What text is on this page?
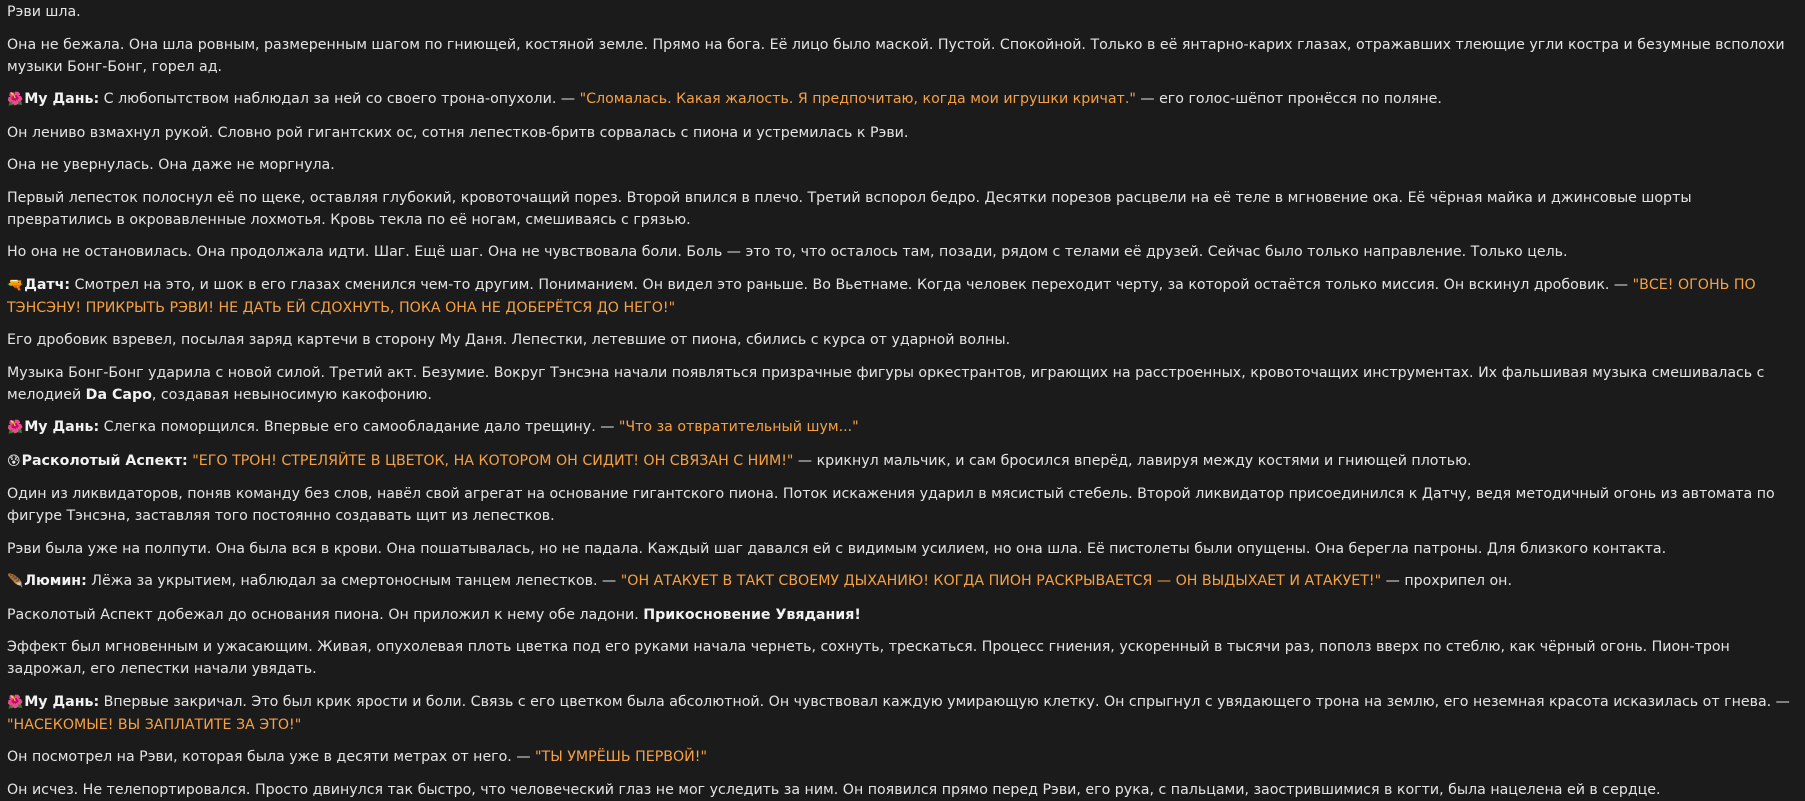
Рэви шла.

Она не бежала. Она шла ровным, размеренным шагом по гниющей, костяной земле. Прямо на бога. Её лицо было маской. Пустой. Спокойной. Только в её янтарно-карих глазах, отражавших тлеющие угли костра и безумные всполохи музыки Бонг-Бонг, горел ад.

🌺Му Дань: С любопытством наблюдал за ней со своего трона-опухоли. — "Сломалась. Какая жалость. Я предпочитаю, когда мои игрушки кричат." — его голос-шёпот пронёсся по поляне.

Он лениво взмахнул рукой. Словно рой гигантских ос, сотня лепестков-бритв сорвалась с пиона и устремилась к Рэви.

Она не увернулась. Она даже не моргнула.

Первый лепесток полоснул её по щеке, оставляя глубокий, кровоточащий порез. Второй впился в плечо. Третий вспорол бедро. Десятки порезов расцвели на её теле в мгновение ока. Её чёрная майка и джинсовые шорты превратились в окровавленные лохмотья. Кровь текла по её ногам, смешиваясь с грязью.

Но она не остановилась. Она продолжала идти. Шаг. Ещё шаг. Она не чувствовала боли. Боль — это то, что осталось там, позади, рядом с телами её друзей. Сейчас было только направление. Только цель.

🔫Датч: Смотрел на это, и шок в его глазах сменился чем-то другим. Пониманием. Он видел это раньше. Во Вьетнаме. Когда человек переходит черту, за которой остаётся только миссия. Он вскинул дробовик. — "ВСЕ! ОГОНЬ ПО ТЭНСЭНУ! ПРИКРЫТЬ РЭВИ! НЕ ДАТЬ ЕЙ СДОХНУТЬ, ПОКА ОНА НЕ ДОБЕРЁТСЯ ДО НЕГО!"

Его дробовик взревел, посылая заряд картечи в сторону Му Даня. Лепестки, летевшие от пиона, сбились с курса от ударной волны.

Музыка Бонг-Бонг ударила с новой силой. Третий акт. Безумие. Вокруг Тэнсэна начали появляться призрачные фигуры оркестрантов, играющих на расстроенных, кровоточащих инструментах. Их фальшивая музыка смешивалась с мелодией Da Capo, создавая невыносимую какофонию.

🌺Му Дань: Слегка поморщился. Впервые его самообладание дало трещину. — "Что за отвратительный шум..."

😰Расколотый Аспект: "ЕГО ТРОН! СТРЕЛЯЙТЕ В ЦВЕТОК, НА КОТОРОМ ОН СИДИТ! ОН СВЯЗАН С НИМ!" — крикнул мальчик, и сам бросился вперёд, лавируя между костями и гниющей плотью.

Один из ликвидаторов, поняв команду без слов, навёл свой агрегат на основание гигантского пиона. Поток искажения ударил в мясистый стебель. Второй ликвидатор присоединился к Датчу, ведя методичный огонь из автомата по фигуре Тэнсэна, заставляя того постоянно создавать щит из лепестков.

Рэви была уже на полпути. Она была вся в крови. Она пошатывалась, но не падала. Каждый шаг давался ей с видимым усилием, но она шла. Её пистолеты были опущены. Она берегла патроны. Для близкого контакта.

🪶Люмин: Лёжа за укрытием, наблюдал за смертоносным танцем лепестков. — "ОН АТАКУЕТ В ТАКТ СВОЕМУ ДЫХАНИЮ! КОГДА ПИОН РАСКРЫВАЕТСЯ — ОН ВЫДЫХАЕТ И АТАКУЕТ!" — прохрипел он.

Расколотый Аспект добежал до основания пиона. Он приложил к нему обе ладони. Прикосновение Увядания!

Эффект был мгновенным и ужасающим. Живая, опухолевая плоть цветка под его руками начала чернеть, сохнуть, трескаться. Процесс гниения, ускоренный в тысячи раз, пополз вверх по стеблю, как чёрный огонь. Пион-трон задрожал, его лепестки начали увядать.

🌺Му Дань: Впервые закричал. Это был крик ярости и боли. Связь с его цветком была абсолютной. Он чувствовал каждую умирающую клетку. Он спрыгнул с увядающего трона на землю, его неземная красота исказилась от гнева. — "НАСЕКОМЫЕ! ВЫ ЗАПЛАТИТЕ ЗА ЭТО!"

Он посмотрел на Рэви, которая была уже в десяти метрах от него. — "ТЫ УМРЁШЬ ПЕРВОЙ!"

Он исчез. Не телепортировался. Просто двинулся так быстро, что человеческий глаз не мог уследить за ним. Он появился прямо перед Рэви, его рука, с пальцами, заострившимися в когти, была нацелена ей в сердце.
